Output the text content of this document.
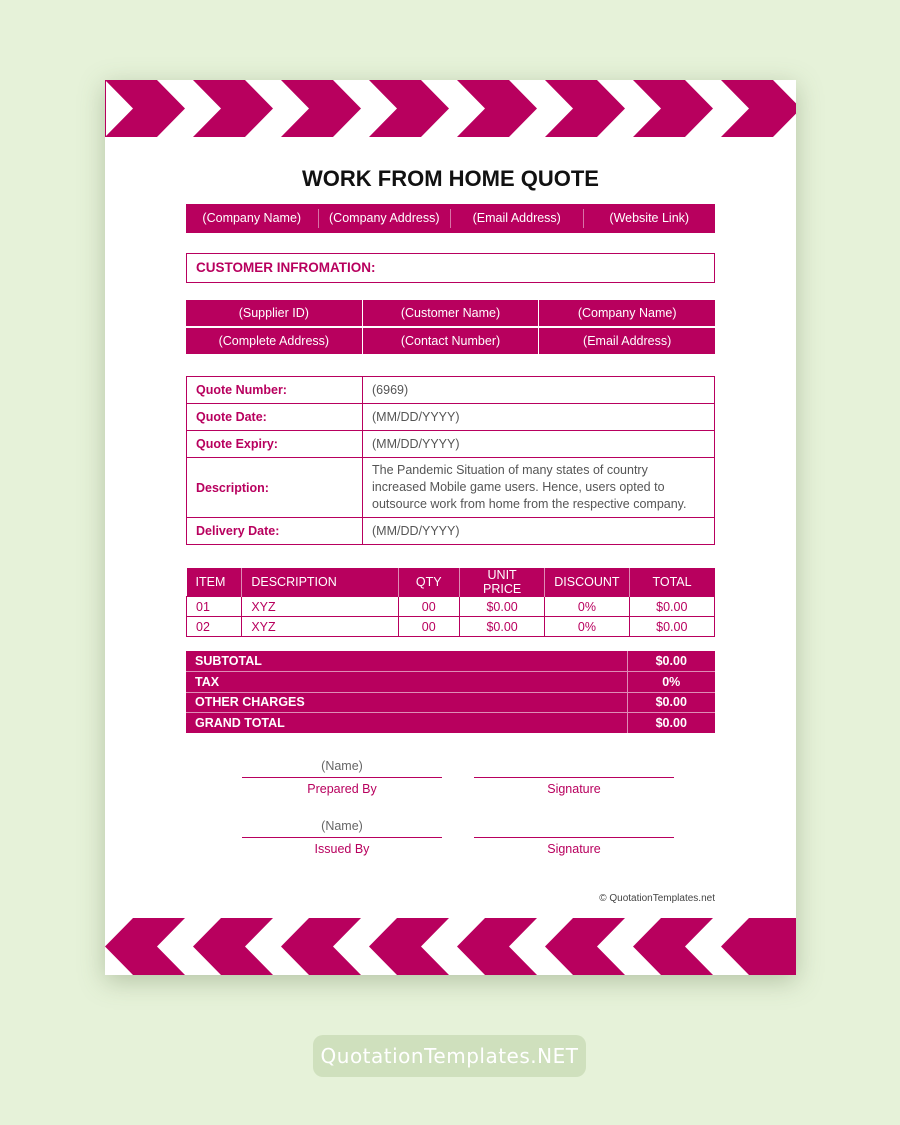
WORK FROM HOME QUOTE
(Company Name)	(Company Address)	(Email Address)	(Website Link)
CUSTOMER INFROMATION:
(Supplier ID)	(Customer Name)	(Company Name)
(Complete Address)	(Contact Number)	(Email Address)
Quote Number:	(6969)
Quote Date:	(MM/DD/YYYY)
Quote Expiry:	(MM/DD/YYYY)
Description:	The Pandemic Situation of many states of country increased Mobile game users. Hence, users opted to outsource work from home from the respective company.
Delivery Date:	(MM/DD/YYYY)
ITEM	DESCRIPTION	QTY	UNIT PRICE	DISCOUNT	TOTAL
01	XYZ	00	$0.00	0%	$0.00
02	XYZ	00	$0.00	0%	$0.00
SUBTOTAL	$0.00
TAX	0%
OTHER CHARGES	$0.00
GRAND TOTAL	$0.00
(Name)
Prepared By	Signature
(Name)
Issued By	Signature
© QuotationTemplates.net
QuotationTemplates.NET
